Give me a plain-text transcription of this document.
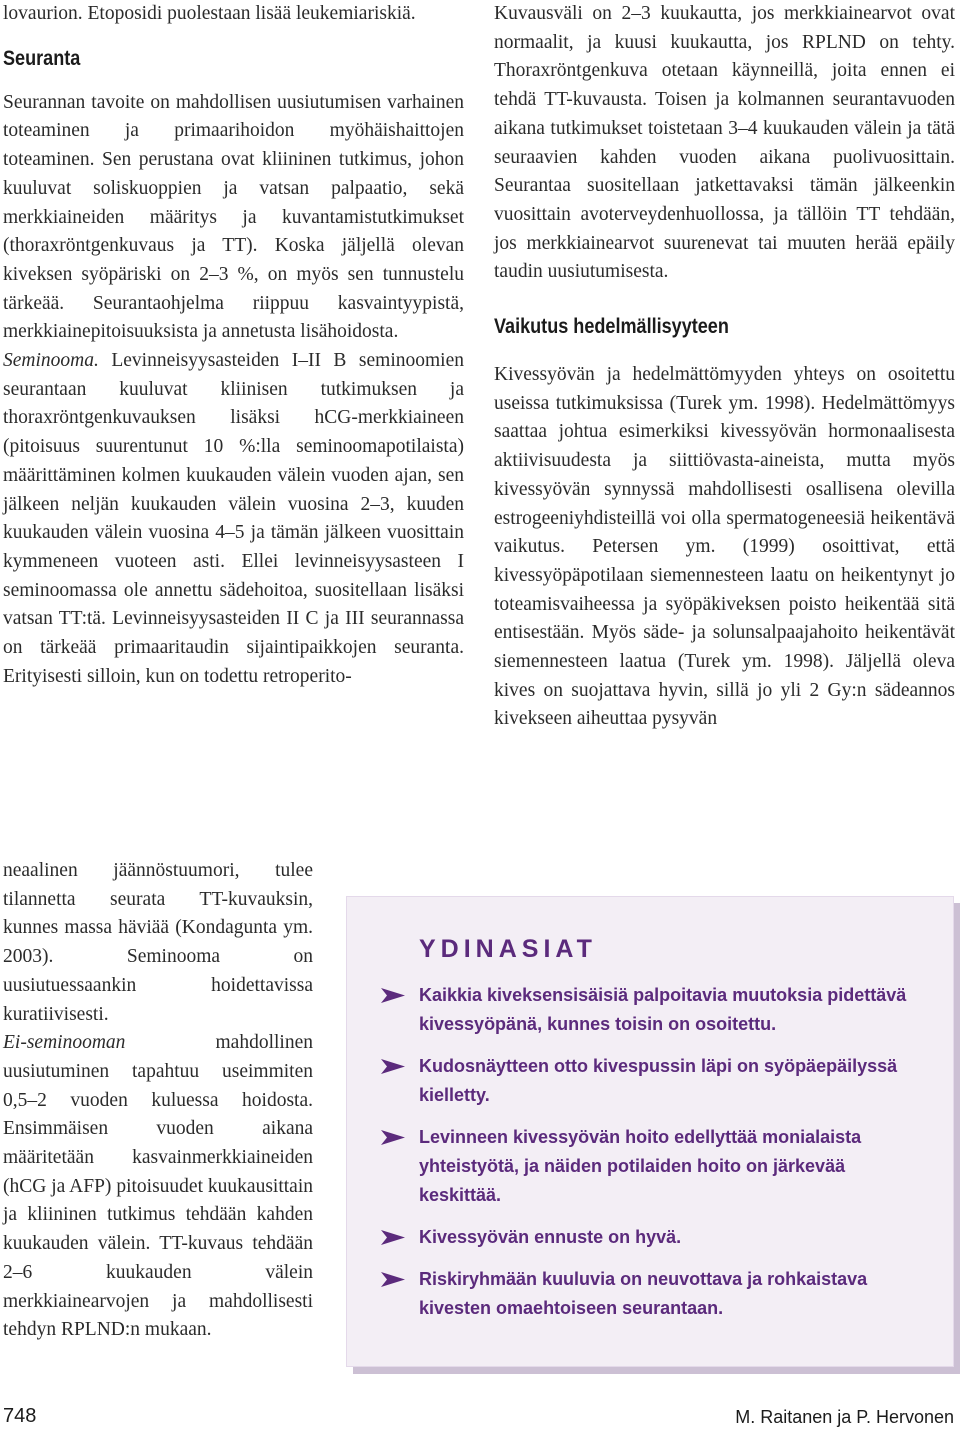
lovaurion. Etoposidi puolestaan lisää leukemiariskiä.

Seuranta

Seurannan tavoite on mahdollisen uusiutumisen varhainen toteaminen ja primaarihoidon myöhäishaittojen toteaminen. Sen perustana ovat kliininen tutkimus, johon kuuluvat soliskuoppien ja vatsan palpaatio, sekä merkkiaineiden määritys ja kuvantamistutkimukset (thoraxröntgenkuvaus ja TT). Koska jäljellä olevan kiveksen syöpäriski on 2–3 %, on myös sen tunnustelu tärkeää. Seurantaohjelma riippuu kasvaintyypistä, merkkiainepitoisuuksista ja annetusta lisähoidosta.

Seminooma. Levinneisyysasteiden I–II B seminoomien seurantaan kuuluvat kliinisen tutkimuksen ja thoraxröntgenkuvauksen lisäksi hCG-merkkiaineen (pitoisuus suurentunut 10 %:lla seminoomapotilaista) määrittäminen kolmen kuukauden välein vuoden ajan, sen jälkeen neljän kuukauden välein vuosina 2–3, kuuden kuukauden välein vuosina 4–5 ja tämän jälkeen vuosittain kymmeneen vuoteen asti. Ellei levinneisyysasteen I seminoomassa ole annettu sädehoitoa, suositellaan lisäksi vatsan TT:tä. Levinneisyysasteiden II C ja III seurannassa on tärkeää primaaritaudin sijaintipaikkojen seuranta. Erityisesti silloin, kun on todettu retroperito-

neaalinen jäännöstuumori, tulee tilannetta seurata TT-kuvauksin, kunnes massa häviää (Kondagunta ym. 2003). Seminooma on uusiutuessaankin hoidettavissa kuratiivisesti.

Ei-seminooman mahdollinen uusiutuminen tapahtuu useimmiten 0,5–2 vuoden kuluessa hoidosta. Ensimmäisen vuoden aikana määritetään kasvainmerkkiaineiden (hCG ja AFP) pitoisuudet kuukausittain ja kliininen tutkimus tehdään kahden kuukauden välein. TT-kuvaus tehdään 2–6 kuukauden välein merkkiainearvojen ja mahdollisesti tehdyn RPLND:n mukaan.

Kuvausväli on 2–3 kuukautta, jos merkkiainearvot ovat normaalit, ja kuusi kuukautta, jos RPLND on tehty. Thoraxröntgenkuva otetaan käynneillä, joita ennen ei tehdä TT-kuvausta. Toisen ja kolmannen seurantavuoden aikana tutkimukset toistetaan 3–4 kuukauden välein ja tätä seuraavien kahden vuoden aikana puolivuosittain. Seurantaa suositellaan jatkettavaksi tämän jälkeenkin vuosittain avoterveydenhuollossa, ja tällöin TT tehdään, jos merkkiainearvot suurenevat tai muuten herää epäily taudin uusiutumisesta.

Vaikutus hedelmällisyyteen

Kivessyövän ja hedelmättömyyden yhteys on osoitettu useissa tutkimuksissa (Turek ym. 1998). Hedelmättömyys saattaa johtua esimerkiksi kivessyövän hormonaalisesta aktiivisuudesta ja siittiövasta-aineista, mutta myös kivessyövän synnyssä mahdollisesti osallisena olevilla estrogeeniyhdisteillä voi olla spermatogeneesiä heikentävä vaikutus. Petersen ym. (1999) osoittivat, että kivessyöpäpotilaan siemennesteen laatu on heikentynyt jo toteamisvaiheessa ja syöpäkiveksen poisto heikentää sitä entisestään. Myös säde- ja solunsalpaajahoito heikentävät siemennesteen laatua (Turek ym. 1998). Jäljellä oleva kives on suojattava hyvin, sillä jo yli 2 Gy:n sädeannos kivekseen aiheuttaa pysyvän

YDINASIAT
Kaikkia kiveksensisäisiä palpoitavia muutoksia pidettävä kivessyöpänä, kunnes toisin on osoitettu.
Kudosnäytteen otto kivespussin läpi on syöpäepäilyssä kielletty.
Levinneen kivessyövän hoito edellyttää monialaista yhteistyötä, ja näiden potilaiden hoito on järkevää keskittää.
Kivessyövän ennuste on hyvä.
Riskiryhmään kuuluvia on neuvottava ja rohkaistava kivesten omaehtoiseen seurantaan.
748	M. Raitanen ja P. Hervonen
